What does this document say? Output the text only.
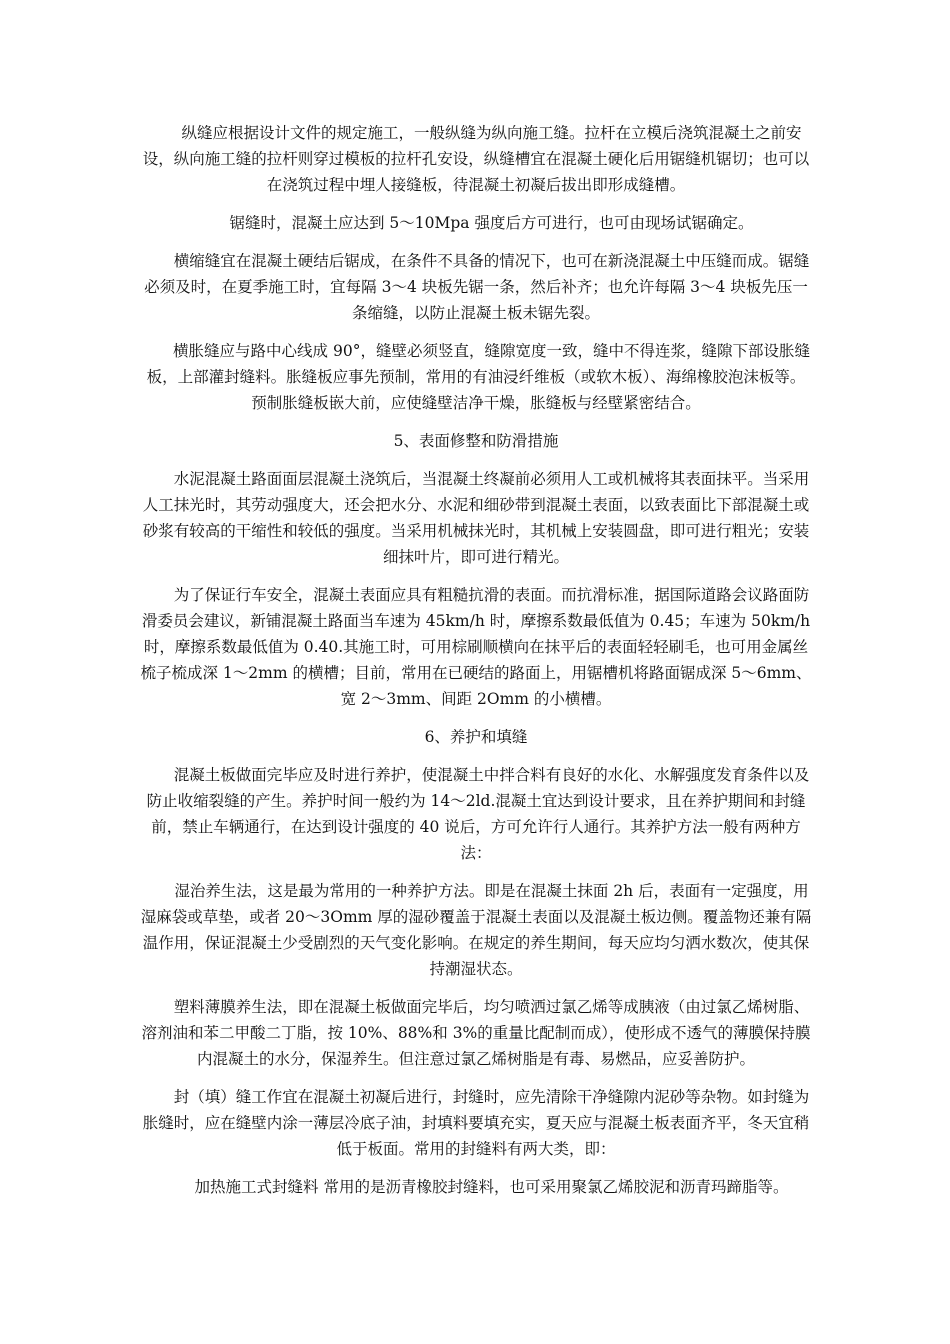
纵缝应根据设计文件的规定施工，一般纵缝为纵向施工缝。拉杆在立模后浇筑混凝土之前安设，纵向施工缝的拉杆则穿过模板的拉杆孔安设，纵缝槽宜在混凝土硬化后用锯缝机锯切；也可以在浇筑过程中埋人接缝板，待混凝土初凝后拔出即形成缝槽。

锯缝时，混凝土应达到 5～10Mpa 强度后方可进行，也可由现场试锯确定。

横缩缝宜在混凝土硬结后锯成，在条件不具备的情况下，也可在新浇混凝土中压缝而成。锯缝必须及时，在夏季施工时，宜每隔 3～4 块板先锯一条，然后补齐；也允许每隔 3～4 块板先压一条缩缝，以防止混凝土板未锯先裂。

横胀缝应与路中心线成 90°，缝壁必须竖直，缝隙宽度一致，缝中不得连浆，缝隙下部设胀缝板，上部灌封缝料。胀缝板应事先预制，常用的有油浸纤维板（或软木板）、海绵橡胶泡沫板等。预制胀缝板嵌大前，应使缝壁洁净干燥，胀缝板与经壁紧密结合。

5、表面修整和防滑措施

水泥混凝土路面面层混凝土浇筑后，当混凝土终凝前必须用人工或机械将其表面抹平。当采用人工抹光时，其劳动强度大，还会把水分、水泥和细砂带到混凝土表面，以致表面比下部混凝土或砂浆有较高的干缩性和较低的强度。当采用机械抹光时，其机械上安装圆盘，即可进行粗光；安装细抹叶片，即可进行精光。

为了保证行车安全，混凝土表面应具有粗糙抗滑的表面。而抗滑标准，据国际道路会议路面防滑委员会建议，新铺混凝土路面当车速为 45km/h 时，摩擦系数最低值为 0.45；车速为 50km/h 时，摩擦系数最低值为 0.40.其施工时，可用棕刷顺横向在抹平后的表面轻轻刷毛，也可用金属丝梳子梳成深 1～2mm 的横槽；目前，常用在已硬结的路面上，用锯槽机将路面锯成深 5～6mm、宽 2～3mm、间距 2Omm 的小横槽。

6、养护和填缝

混凝土板做面完毕应及时进行养护，使混凝土中拌合料有良好的水化、水解强度发育条件以及防止收缩裂缝的产生。养护时间一般约为 14～2ld.混凝土宜达到设计要求，且在养护期间和封缝前，禁止车辆通行，在达到设计强度的 40 说后，方可允许行人通行。其养护方法一般有两种方法：

湿治养生法，这是最为常用的一种养护方法。即是在混凝土抹面 2h 后，表面有一定强度，用湿麻袋或草垫，或者 20～3Omm 厚的湿砂覆盖于混凝土表面以及混凝土板边侧。覆盖物还兼有隔温作用，保证混凝土少受剧烈的天气变化影响。在规定的养生期间，每天应均匀洒水数次，使其保持潮湿状态。

塑料薄膜养生法，即在混凝土板做面完毕后，均匀喷洒过氯乙烯等成胰液（由过氯乙烯树脂、溶剂油和苯二甲酸二丁脂，按 10%、88%和 3%的重量比配制而成），使形成不透气的薄膜保持膜内混凝土的水分，保湿养生。但注意过氯乙烯树脂是有毒、易燃品，应妥善防护。

封（填）缝工作宜在混凝土初凝后进行，封缝时，应先清除干净缝隙内泥砂等杂物。如封缝为胀缝时，应在缝壁内涂一薄层冷底子油，封填料要填充实，夏天应与混凝土板表面齐平，冬天宜稍低于板面。常用的封缝料有两大类，即：

加热施工式封缝料 常用的是沥青橡胶封缝料，也可采用聚氯乙烯胶泥和沥青玛蹄脂等。
